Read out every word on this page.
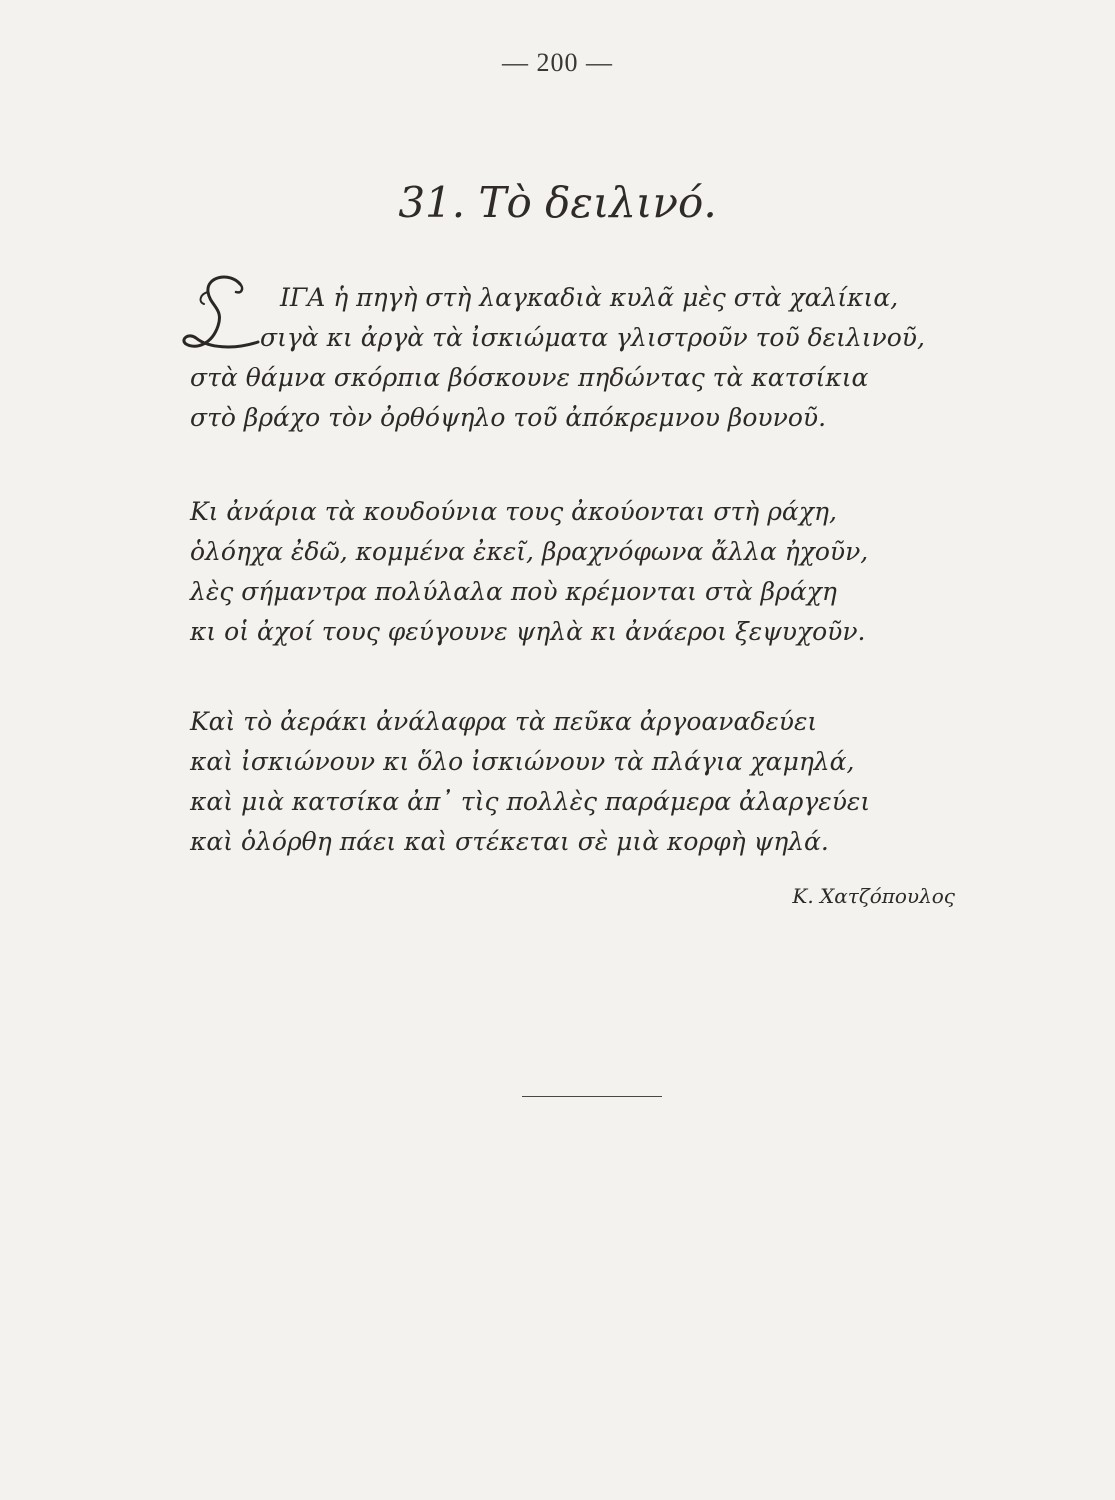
— 200 —
31. Τὸ δειλινό.
ΙΓΑ ἡ πηγὴ στὴ λαγκαδιὰ κυλᾶ μὲς στὰ χαλίκια,
σιγὰ κι ἀργὰ τὰ ἰσκιώματα γλιστροῦν τοῦ δειλινοῦ,
στὰ θάμνα σκόρπια βόσκουνε πηδώντας τὰ κατσίκια
στὸ βράχο τὸν ὀρθόψηλο τοῦ ἀπόκρεμνου βουνοῦ.
Κι ἀνάρια τὰ κουδούνια τους ἀκούονται στὴ ράχη,
ὁλόηχα ἐδῶ, κομμένα ἐκεῖ, βραχνόφωνα ἄλλα ἠχοῦν,
λὲς σήμαντρα πολύλαλα ποὺ κρέμονται στὰ βράχη
κι οἱ ἀχοί τους φεύγουνε ψηλὰ κι ἀνάεροι ξεψυχοῦν.
Καὶ τὸ ἀεράκι ἀνάλαφρα τὰ πεῦκα ἀργοαναδεύει
καὶ ἰσκιώνουν κι ὅλο ἰσκιώνουν τὰ πλάγια χαμηλά,
καὶ μιὰ κατσίκα ἀπ᾽ τὶς πολλὲς παράμερα ἀλαργεύει
καὶ ὁλόρθη πάει καὶ στέκεται σὲ μιὰ κορφὴ ψηλά.
Κ. Χατζόπουλος
